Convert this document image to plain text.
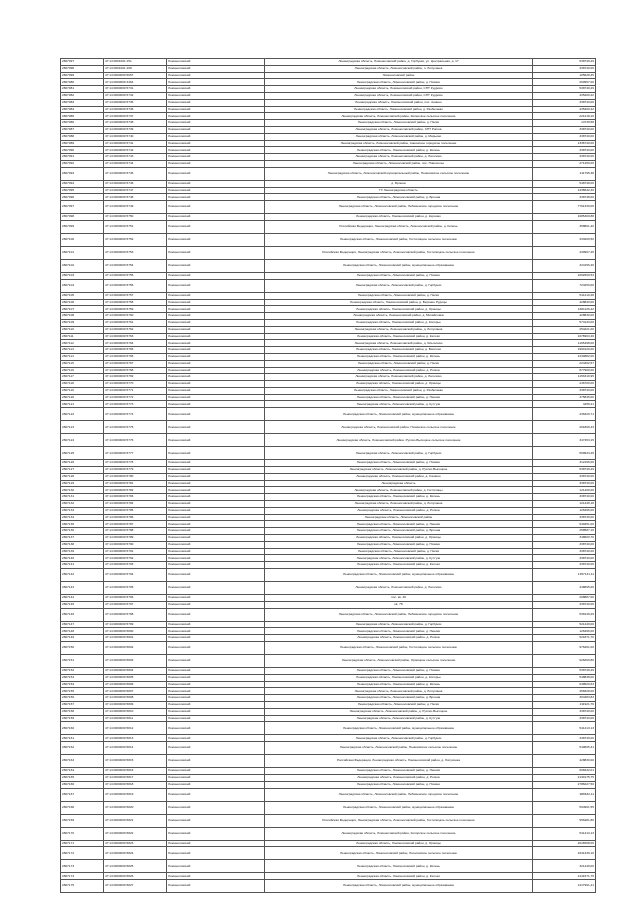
2807097	47:14:0601001:151	Ломоносовский	Ленинградская область, Ломоносовский район, д. Горбунки, ул. Центральная, д. 17	538749,29
2807098	47:14:0601001:168	Ломоносовский	Ленинградская область, Ломоносовский район, п. Лопухинка	338740,00
2807099	47:14:0000000:5657	Ломоносовский	Ломоносовский район	105628,35
2807080	47:14:0000000:3464	Ломоносовский	Ленинградская область, Ломоносовский район, д. Низино	260957,00
2807081	47:14:0000000:5731	Ломоносовский	Ленинградская область, Ломоносовский район, СНТ Кудрово	538749,29
2807082	47:14:0000000:5732	Ломоносовский	Ленинградская область, Ломоносовский район, СНТ Кудрово	435400,22
2807083	47:14:0000000:5735	Ломоносовский	Ленинградская область, Ломоносовский район, пос. Аннино	338740,00
2807084	47:14:0000000:5736	Ломоносовский	Ленинградская область, Ломоносовский район, д. Разбегаево	435400,22
2807085	47:14:0000000:5737	Ломоносовский	Ленинградская область, Ломоносовский район, Кипенское сельское поселение	221218,10
2807086	47:14:0000000:5738	Ломоносовский	Ленинградская область, Ломоносовский район, д. Пески	14730,58
2807087	47:14:0000000:5739	Ломоносовский	Ленинградская область, Ломоносовский район, СНТ Ропша	338740,00
2807088	47:14:0000000:5740	Ломоносовский	Ленинградская область, Ломоносовский район, д. Марьино	338740,00
2807089	47:14:0000000:5741	Ломоносовский	Ленинградская область, Ломоносовский район, Аннинское городское поселение	1338740,00
2807090	47:14:0000000:5742	Ломоносовский	Ленинградская область, Ломоносовский район, д. Кипень	338740,00
2807091	47:14:0000000:5743	Ломоносовский	Ленинградская область, Ломоносовский район, д. Лаголово	338740,00
2807092	47:14:0000000:5744	Ломоносовский	Ленинградская область, Ломоносовский район, пос. Новоселье	271450,00
2807093	47:14:0000000:5745	Ломоносовский	Ленинградская область, Ломоносовский муниципальный район, Пениковское сельское поселение	211795,38
2807094	47:14:0000000:5746	Ломоносовский	д. Бронна	548748,00
2807095	47:14:0000000:5747	Ломоносовский	ГУ Ленинградская область	1338642,30
2807096	47:14:0000000:5748	Ломоносовский	Ленинградская область, Ломоносовский район, д. Бронна	338748,00
2807097	47:14:0000000:5749	Ломоносовский	Ленинградская область, Ломоносовский район, Лебяженское городское поселение	7761330,00
2807098	47:14:0000000:5750	Ломоносовский	Ленинградская область, Ломоносовский район, д. Керново	1685300,88
2807099	47:14:0000000:5751	Ломоносовский	Российская Федерация, Ленинградская область, Ломоносовский район, д. Кипень	358801,42
2807100	47:14:0000000:5752	Ломоносовский	Ленинградская область, Ломоносовский район, Гостилицкое сельское поселение	333209,50
2807101	47:14:0000000:5753	Ломоносовский	Российская Федерация, Ленинградская область, Ломоносовский район, Гостилицкое сельское поселение	430907,45
2807102	47:14:0000000:5754	Ломоносовский	Ленинградская область, Ломоносовский район, муниципальное образование	324156,40
2807103	47:14:0000000:5755	Ломоносовский	Ленинградская область, Ломоносовский район, д. Низино	1002600,54
2807104	47:14:0000000:5756	Ломоносовский	Ленинградская область, Ломоносовский район, д. Горбунки	724250,00
2807105	47:14:0000000:5757	Ломоносовский	Ленинградская область, Ломоносовский район, д. Пески	541210,28
2807106	47:14:0000000:5758	Ломоносовский	Ленинградская область, Ломоносовский район, д. Верхние Рудицы	428830,00
2807107	47:14:0000000:5759	Ломоносовский	Ленинградская область, Ломоносовский район, д. Оржицы	1661126,42
2807108	47:14:0000000:5760	Ломоносовский	Ленинградская область, Ломоносовский район, д. Михайловка	428830,00
2807109	47:14:0000000:5761	Ломоносовский	Ленинградская область, Ломоносовский район, д. Копорье	574133,00
2807110	47:14:0000000:5762	Ломоносовский	Ленинградская область, Ломоносовский район, д. Лопухинка	254221,00
2807111	47:14:0000000:5763	Ломоносовский	Ленинградская область, Ломоносовский район, д. Келози	1678963,46
2807112	47:14:0000000:5764	Ломоносовский	Ленинградская область, Ломоносовский район, д. Яльгелево	1165498,00
2807113	47:14:0000000:5765	Ломоносовский	Ленинградская область, Ломоносовский район, д. Виллози	1960120,00
2807114	47:14:0000000:5766	Ломоносовский	Ленинградская область, Ломоносовский район, д. Кипень	1230882,00
2807115	47:14:0000000:5767	Ломоносовский	Ленинградская область, Ломоносовский район, д. Пески	224362,57
2807116	47:14:0000000:5768	Ломоносовский	Ленинградская область, Ломоносовский район, д. Ропша	877900,00
2807117	47:14:0000000:5769	Ломоносовский	Ленинградская область, Ломоносовский район, д. Лаголово	1153310,95
2807118	47:14:0000000:5770	Ломоносовский	Ленинградская область, Ломоносовский район, д. Оржицы	246700,00
2807119	47:14:0000000:5771	Ломоносовский	Ленинградская область, Ломоносовский район, д. Разбегаево	338740,00
2807120	47:14:0000000:5772	Ломоносовский	Ленинградская область, Ломоносовский район, д. Пеники	375836,00
2807121	47:14:0000000:5773	Ломоносовский	Ленинградская область, Ломоносовский район, д. Куттузи	4458,41
2807122	47:14:0000000:5774	Ломоносовский	Ленинградская область, Ломоносовский район, муниципальное образование	436329,71
2807123	47:14:0000000:5775	Ломоносовский	Ленинградская область, Ломоносовский район, Низинское сельское поселение	261809,43
2807124	47:14:0000000:5776	Ломоносовский	Ленинградская область, Ломоносовский район, Русско-Высоцкое сельское поселение	347453,15
2807125	47:14:0000000:5777	Ломоносовский	Ленинградская область, Ломоносовский район, д. Горбунки	509933,25
2807126	47:14:0000000:5778	Ломоносовский	Ленинградская область, Ломоносовский район, д. Низино	312196,00
2807127	47:14:0000000:5779	Ломоносовский	Ленинградская область, Ломоносовский район, д. Русско-Высоцкое	538749,29
2807128	47:14:0000000:5780	Ломоносовский	Ленинградская область, Ломоносовский район, д. Сашино	338740,00
2807129	47:14:0000000:5781	Ломоносовский	Ленинградская область	338740,00
2807130	47:14:0000000:5782	Ломоносовский	Ленинградская область, Ломоносовский район, д. Гостилицы	121400,00
2807131	47:14:0000000:5783	Ломоносовский	Ленинградская область, Ломоносовский район, д. Кипень	338740,00
2807132	47:14:0000000:5784	Ломоносовский	Ленинградская область, Ломоносовский район, д. Лопухинка	121449,18
2807133	47:14:0000000:5785	Ломоносовский	Ленинградская область, Ломоносовский район, д. Ропша	126496,00
2807134	47:14:0000000:5786	Ломоносовский	Ленинградская область, Ломоносовский район	338740,00
2807135	47:14:0000000:5787	Ломоносовский	Ленинградская область, Ломоносовский район, д. Пеники	549451,00
2807136	47:14:0000000:5788	Ломоносовский	Ленинградская область, Ломоносовский район, д. Бронна	258587,16
2807137	47:14:0000000:5789	Ломоносовский	Ленинградская область, Ломоносовский район, д. Оржицы	348600,76
2807138	47:14:0000000:5790	Ломоносовский	Ленинградская область, Ломоносовский район, д. Низино	338740,00
2807139	47:14:0000000:5791	Ломоносовский	Ленинградская область, Ломоносовский район, д. Пески	338740,00
2807140	47:14:0000000:5792	Ломоносовский	Ленинградская область, Ломоносовский район, д. Куттузи	338740,00
2807141	47:14:0000000:5793	Ломоносовский	Ленинградская область, Ломоносовский район, д. Келози	338740,00
2807142	47:14:0000000:5794	Ломоносовский	Ленинградская область, Ломоносовский район, муниципальное образование	1357131,11
2807143	47:14:0000000:5795	Ломоносовский	Ленинградская область, Ломоносовский район, д. Лаголово	448695,00
2807144	47:14:0000000:5796	Ломоносовский	пос. кв. 49	298887,00
2807145	47:14:0000000:5797	Ломоносовский	кв. 78	338740,00
2807146	47:14:0000000:5798	Ломоносовский	Ленинградская область, Ломоносовский район, Лебяженское городское поселение	538149,29
2807147	47:14:0000000:5799	Ломоносовский	Ленинградская область, Ломоносовский район, д. Горбунки	521449,00
2807148	47:14:0000000:5800	Ломоносовский	Ленинградская область, Ломоносовский район, д. Пеники	126496,00
2807149	47:14:0000000:5801	Ломоносовский	Ленинградская область, Ломоносовский район, д. Ропша	521871,76
2807150	47:14:0000000:5802	Ломоносовский	Ленинградская область, Ломоносовский район, Гостилицкое сельское поселение	976461,00
2807151	47:14:0000000:5803	Ломоносовский	Ленинградская область, Ломоносовский район, Оржицкое сельское поселение	926260,86
2807152	47:14:0000000:5804	Ломоносовский	Ленинградская область, Ломоносовский район, д. Низино	538749,29
2807153	47:14:0000000:5805	Ломоносовский	Ленинградская область, Ломоносовский район, д. Копорье	548838,00
2807154	47:14:0000000:5806	Ломоносовский	Ленинградская область, Ломоносовский район, д. Кипень	648520,63
2807155	47:14:0000000:5807	Ломоносовский	Ленинградская область, Ломоносовский район, д. Лопухинка	458328,00
2807156	47:14:0000000:5808	Ломоносовский	Ленинградская область, Ломоносовский район, д. Бронна	304483,83
2807157	47:14:0000000:5809	Ломоносовский	Ленинградская область, Ломоносовский район, д. Пески	211921,76
2807158	47:14:0000000:5810	Ломоносовский	Ленинградская область, Ломоносовский район, д. Русско-Высоцкое	338740,00
2807159	47:14:0000000:5811	Ломоносовский	Ленинградская область, Ломоносовский район, д. Куттузи	338740,00
2807160	47:14:0000000:5812	Ломоносовский	Ленинградская область, Ломоносовский район, муниципальное образование	541413,13
2807161	47:14:0000000:5813	Ломоносовский	Ленинградская область, Ломоносовский район, д. Горбунки	338740,00
2807162	47:14:0000000:5814	Ломоносовский	Ленинградская область, Ломоносовский район, Пениковское сельское поселение	540605,31
2807163	47:14:0000000:5815	Ломоносовский	Российская Федерация, Ленинградская область, Ломоносовский район, д. Лопухинка	428830,00
2807164	47:14:0000000:5816	Ломоносовский	Ленинградская область, Ломоносовский район, д. Пеники	698432,01
2807165	47:14:0000000:5817	Ломоносовский	Ленинградская область, Ломоносовский район, д. Ропша	2130175,75
2807166	47:14:0000000:5818	Ломоносовский	Ленинградская область, Ломоносовский район, д. Низино	2786027,50
2807167	47:14:0000000:5819	Ломоносовский	Ленинградская область, Ломоносовский район, Лебяженское городское поселение	988632,11
2807168	47:14:0000000:5820	Ломоносовский	Ленинградская область, Ломоносовский район, муниципальное образование	594961,55
2807169	47:14:0000000:5821	Ломоносовский	Российская Федерация, Ленинградская область, Ломоносовский район, Гостилицкое сельское поселение	596481,86
2807170	47:14:0000000:5822	Ломоносовский	Ленинградская область, Ломоносовский район, Копорское сельское поселение	541413,13
2807171	47:14:0000000:5823	Ломоносовский	Ленинградская область, Ломоносовский район, д. Оржицы	2016568,00
2807172	47:14:0000000:5824	Ломоносовский	Ленинградская область, Ломоносовский район, Лаголовское сельское поселение	1631339,10
2807173	47:14:0000000:5825	Ломоносовский	Ленинградская область, Ломоносовский район, д. Кипень	321449,00
2807174	47:14:0000000:5826	Ломоносовский	Ленинградская область, Ломоносовский район, д. Келози	1441671,75
2807175	47:14:0000000:5827	Ломоносовский	Ленинградская область, Ломоносовский район, муниципальное образование	1417991,41
